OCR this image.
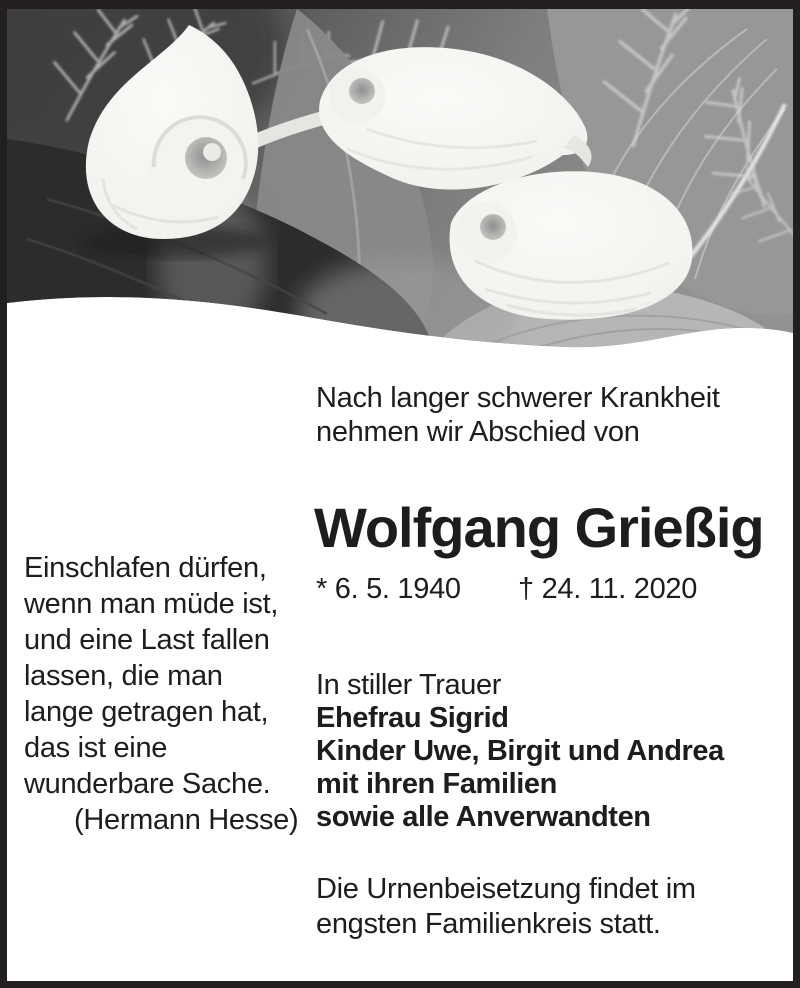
Nach langer schwerer Krankheit
nehmen wir Abschied von
Wolfgang Grießig
* 6. 5. 1940 † 24. 11. 2020
Einschlafen dürfen,
wenn man müde ist,
und eine Last fallen
lassen, die man
lange getragen hat,
das ist eine
wunderbare Sache.
(Hermann Hesse)
In stiller Trauer
Ehefrau Sigrid
Kinder Uwe, Birgit und Andrea
mit ihren Familien
sowie alle Anverwandten
Die Urnenbeisetzung findet im
engsten Familienkreis statt.
